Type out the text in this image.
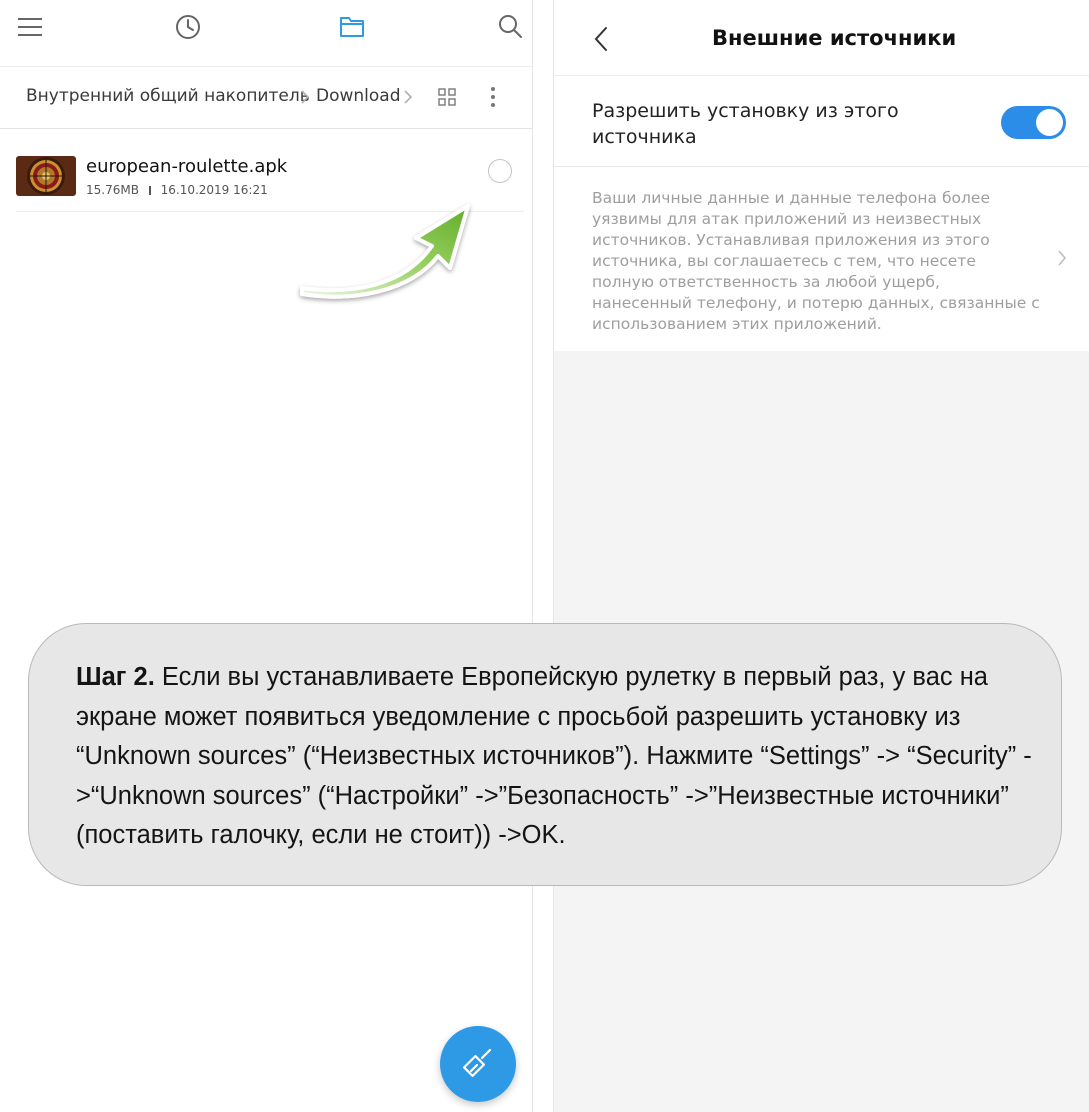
Внутренний общий накопитель Download
european-roulette.apk
15.76MB 16.10.2019 16:21
Внешние источники
Разрешить установку из этого источника
Ваши личные данные и данные телефона более уязвимы для атак приложений из неизвестных источников. Устанавливая приложения из этого источника, вы соглашаетесь с тем, что несете полную ответственность за любой ущерб, нанесенный телефону, и потерю данных, связанные с использованием этих приложений.
Шаг 2. Если вы устанавливаете Европейскую рулетку в первый раз, у вас на экране может появиться уведомление с просьбой разрешить установку из “Unknown sources” (“Неизвестных источников”). Нажмите “Settings” -> “Security” ->“Unknown sources” (“Настройки” ->”Безопасность” ->”Неизвестные источники” (поставить галочку, если не стоит)) ->OK.
